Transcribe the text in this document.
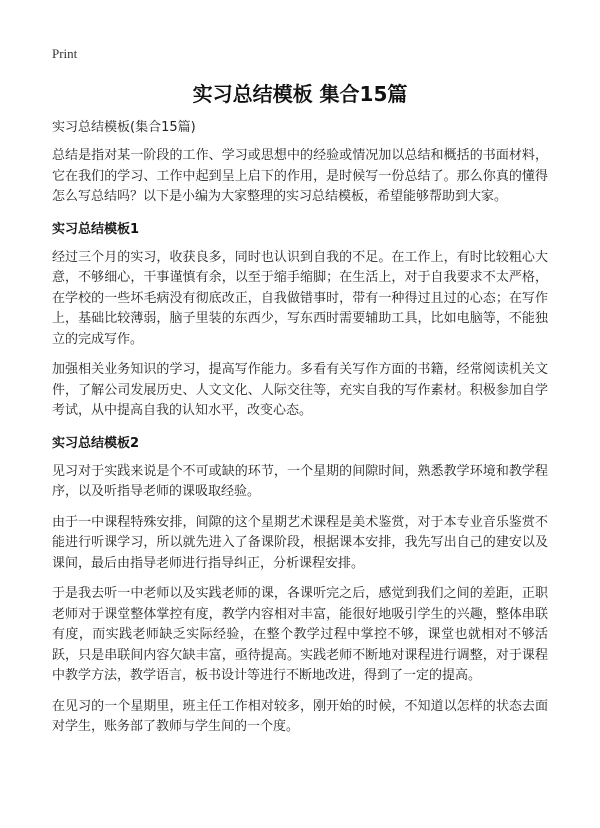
Print
实习总结模板 集合15篇

实习总结模板(集合15篇)

总结是指对某一阶段的工作、学习或思想中的经验或情况加以总结和概括的书面材料，它在我们的学习、工作中起到呈上启下的作用，是时候写一份总结了。那么你真的懂得怎么写总结吗？以下是小编为大家整理的实习总结模板，希望能够帮助到大家。

实习总结模板1

经过三个月的实习，收获良多，同时也认识到自我的不足。在工作上，有时比较粗心大意，不够细心，干事谨慎有余，以至于缩手缩脚；在生活上，对于自我要求不太严格，在学校的一些坏毛病没有彻底改正，自我做错事时，带有一种得过且过的心态；在写作上，基础比较薄弱，脑子里装的东西少，写东西时需要辅助工具，比如电脑等，不能独立的完成写作。

加强相关业务知识的学习，提高写作能力。多看有关写作方面的书籍，经常阅读机关文件，了解公司发展历史、人文文化、人际交往等，充实自我的写作素材。积极参加自学考试，从中提高自我的认知水平，改变心态。

实习总结模板2

见习对于实践来说是个不可或缺的环节，一个星期的间隙时间，熟悉教学环境和教学程序，以及听指导老师的课吸取经验。

由于一中课程特殊安排，间隙的这个星期艺术课程是美术鉴赏，对于本专业音乐鉴赏不能进行听课学习，所以就先进入了备课阶段，根据课本安排，我先写出自己的建安以及课间，最后由指导老师进行指导纠正，分析课程安排。

于是我去听一中老师以及实践老师的课，各课听完之后，感觉到我们之间的差距，正职老师对于课堂整体掌控有度，教学内容相对丰富，能很好地吸引学生的兴趣，整体串联有度，而实践老师缺乏实际经验，在整个教学过程中掌控不够，课堂也就相对不够活跃，只是串联间内容欠缺丰富，亟待提高。实践老师不断地对课程进行调整，对于课程中教学方法，教学语言，板书设计等进行不断地改进，得到了一定的提高。

在见习的一个星期里，班主任工作相对较多，刚开始的时候，不知道以怎样的状态去面对学生，账务部了教师与学生间的一个度。
